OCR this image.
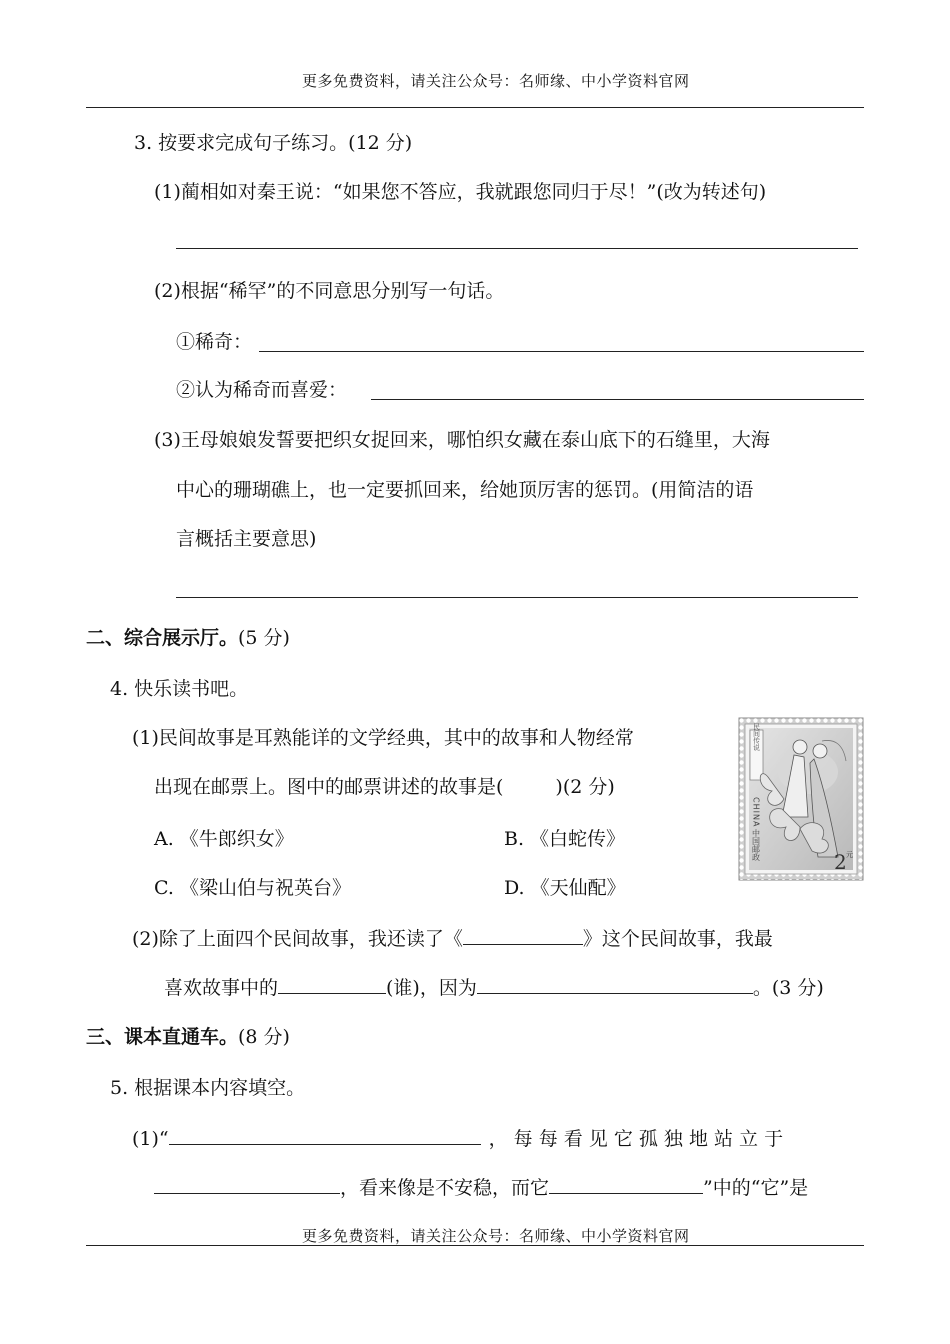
更多免费资料，请关注公众号：名师缘、中小学资料官网
3. 按要求完成句子练习。(12 分)
(1)蔺相如对秦王说：“如果您不答应，我就跟您同归于尽！”(改为转述句)
(2)根据“稀罕”的不同意思分别写一句话。
①稀奇：
②认为稀奇而喜爱：
(3)王母娘娘发誓要把织女捉回来，哪怕织女藏在泰山底下的石缝里，大海
中心的珊瑚礁上，也一定要抓回来，给她顶厉害的惩罚。(用简洁的语
言概括主要意思)
二、综合展示厅。(5 分)
4. 快乐读书吧。
(1)民间故事是耳熟能详的文学经典，其中的故事和人物经常
出现在邮票上。图中的邮票讲述的故事是(	)(2 分)
A. 《牛郎织女》	B. 《白蛇传》
C. 《梁山伯与祝英台》	D. 《天仙配》
民间传说
CHINA
中国邮政
2 元
(2)除了上面四个民间故事，我还读了《	》这个民间故事，我最
喜欢故事中的	(谁)，因为	。(3 分)
三、课本直通车。(8 分)
5. 根据课本内容填空。
(1)“	， 每 每 看 见 它 孤 独 地 站 立 于
，看来像是不安稳，而它	”中的“它”是
更多免费资料，请关注公众号：名师缘、中小学资料官网
